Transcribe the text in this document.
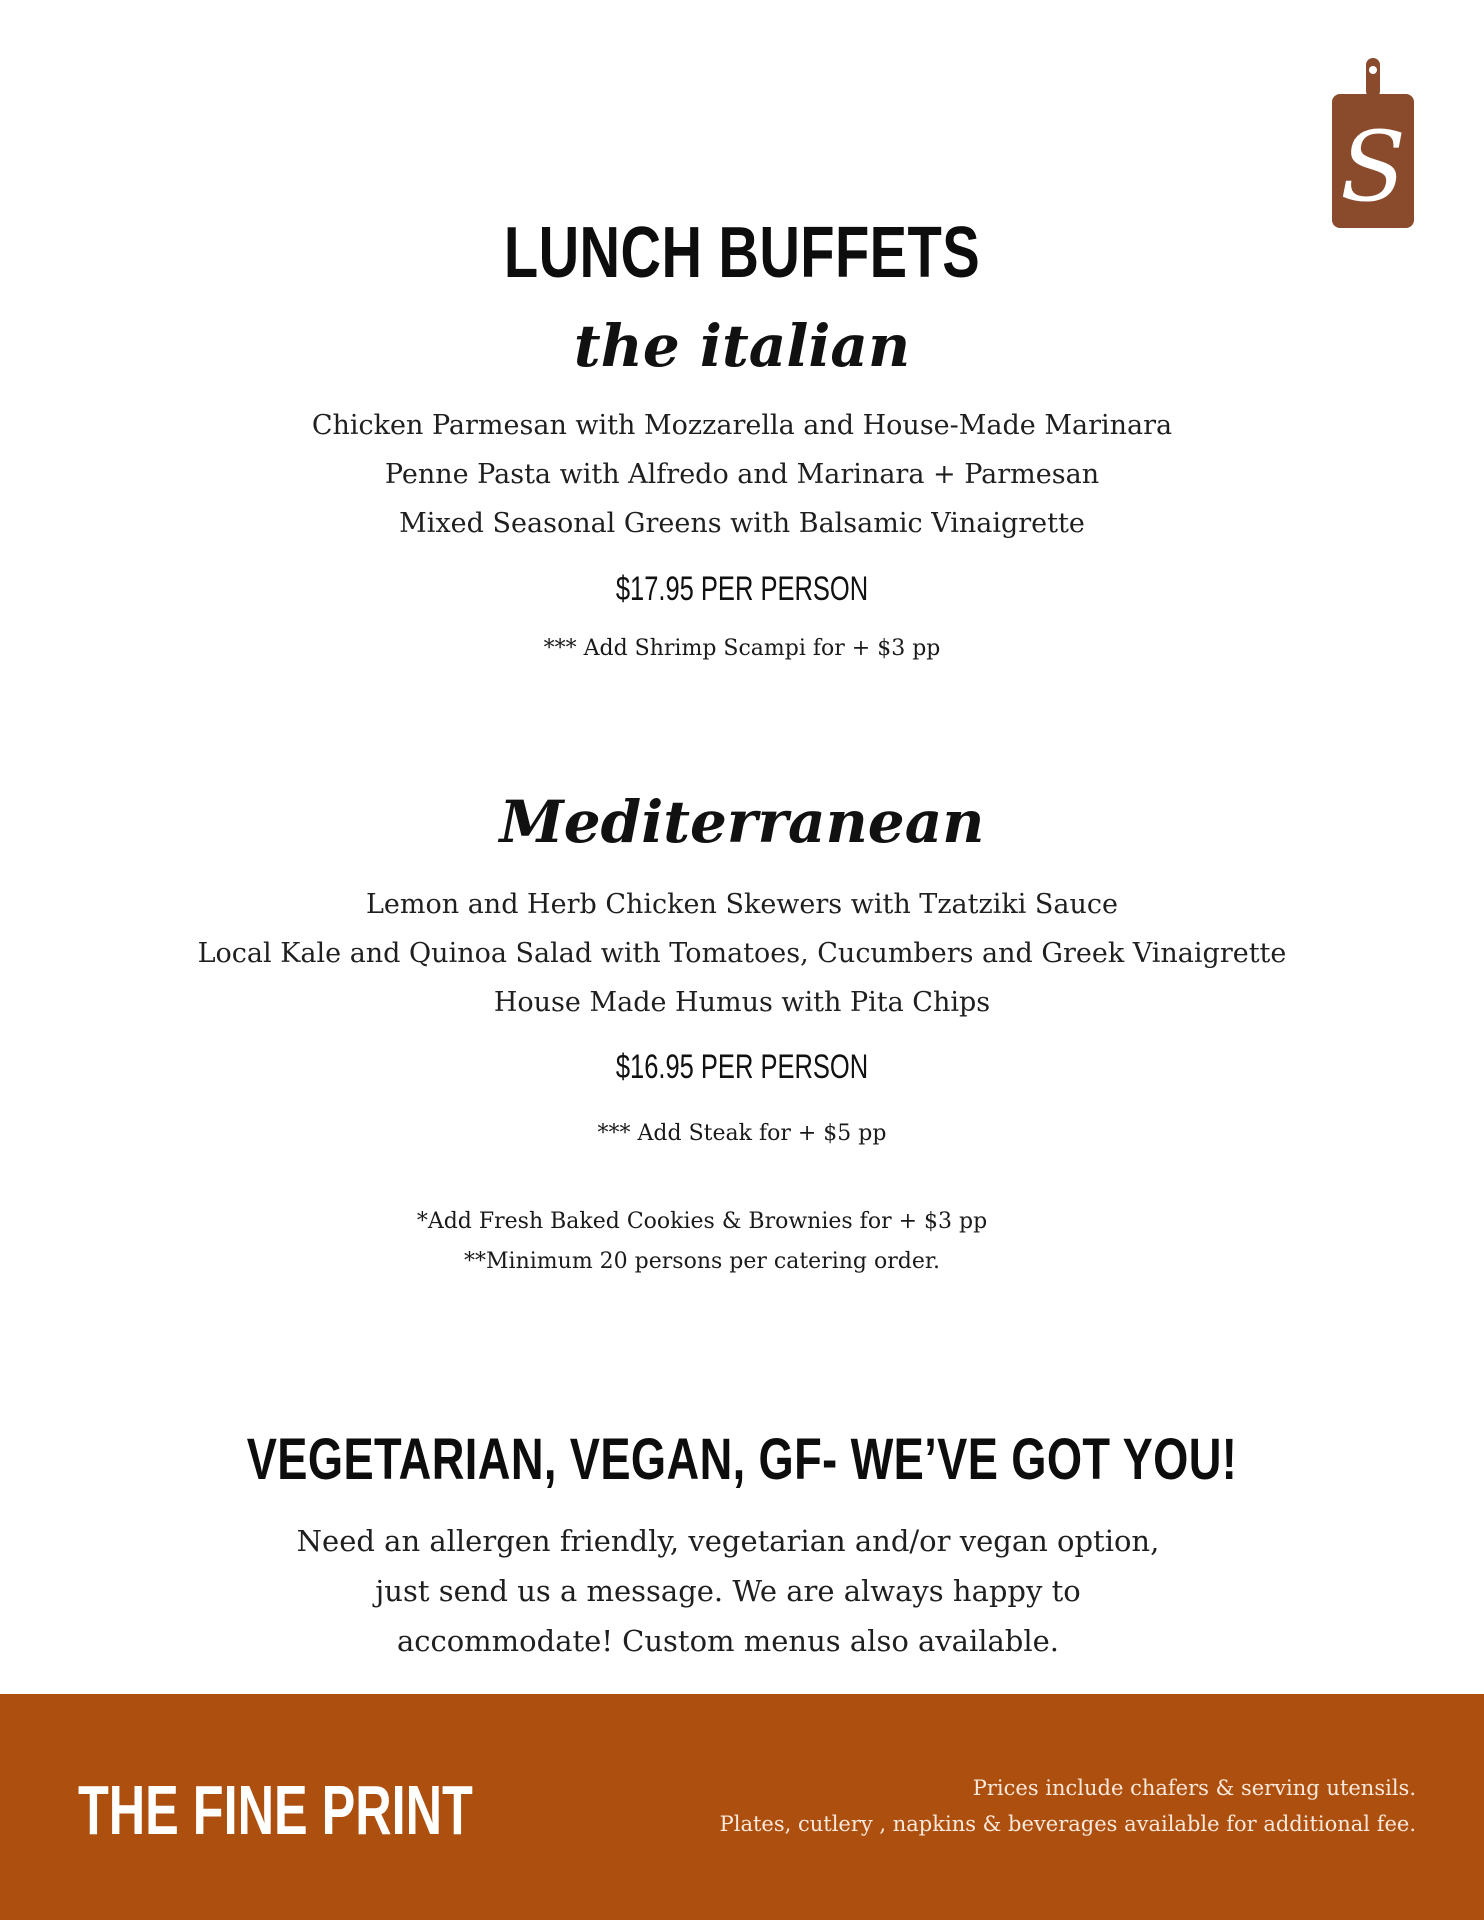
S
LUNCH BUFFETS
the italian
Chicken Parmesan with Mozzarella and House-Made Marinara
Penne Pasta with Alfredo and Marinara + Parmesan
Mixed Seasonal Greens with Balsamic Vinaigrette
$17.95 PER PERSON
*** Add Shrimp Scampi for + $3 pp
Mediterranean
Lemon and Herb Chicken Skewers with Tzatziki Sauce
Local Kale and Quinoa Salad with Tomatoes, Cucumbers and Greek Vinaigrette
House Made Humus with Pita Chips
$16.95 PER PERSON
*** Add Steak for + $5 pp
*Add Fresh Baked Cookies & Brownies for + $3 pp
**Minimum 20 persons per catering order.
VEGETARIAN, VEGAN, GF- WE’VE GOT YOU!
Need an allergen friendly, vegetarian and/or vegan option,
just send us a message. We are always happy to
accommodate! Custom menus also available.
THE FINE PRINT	Prices include chafers & serving utensils.
Plates, cutlery , napkins & beverages available for additional fee.
